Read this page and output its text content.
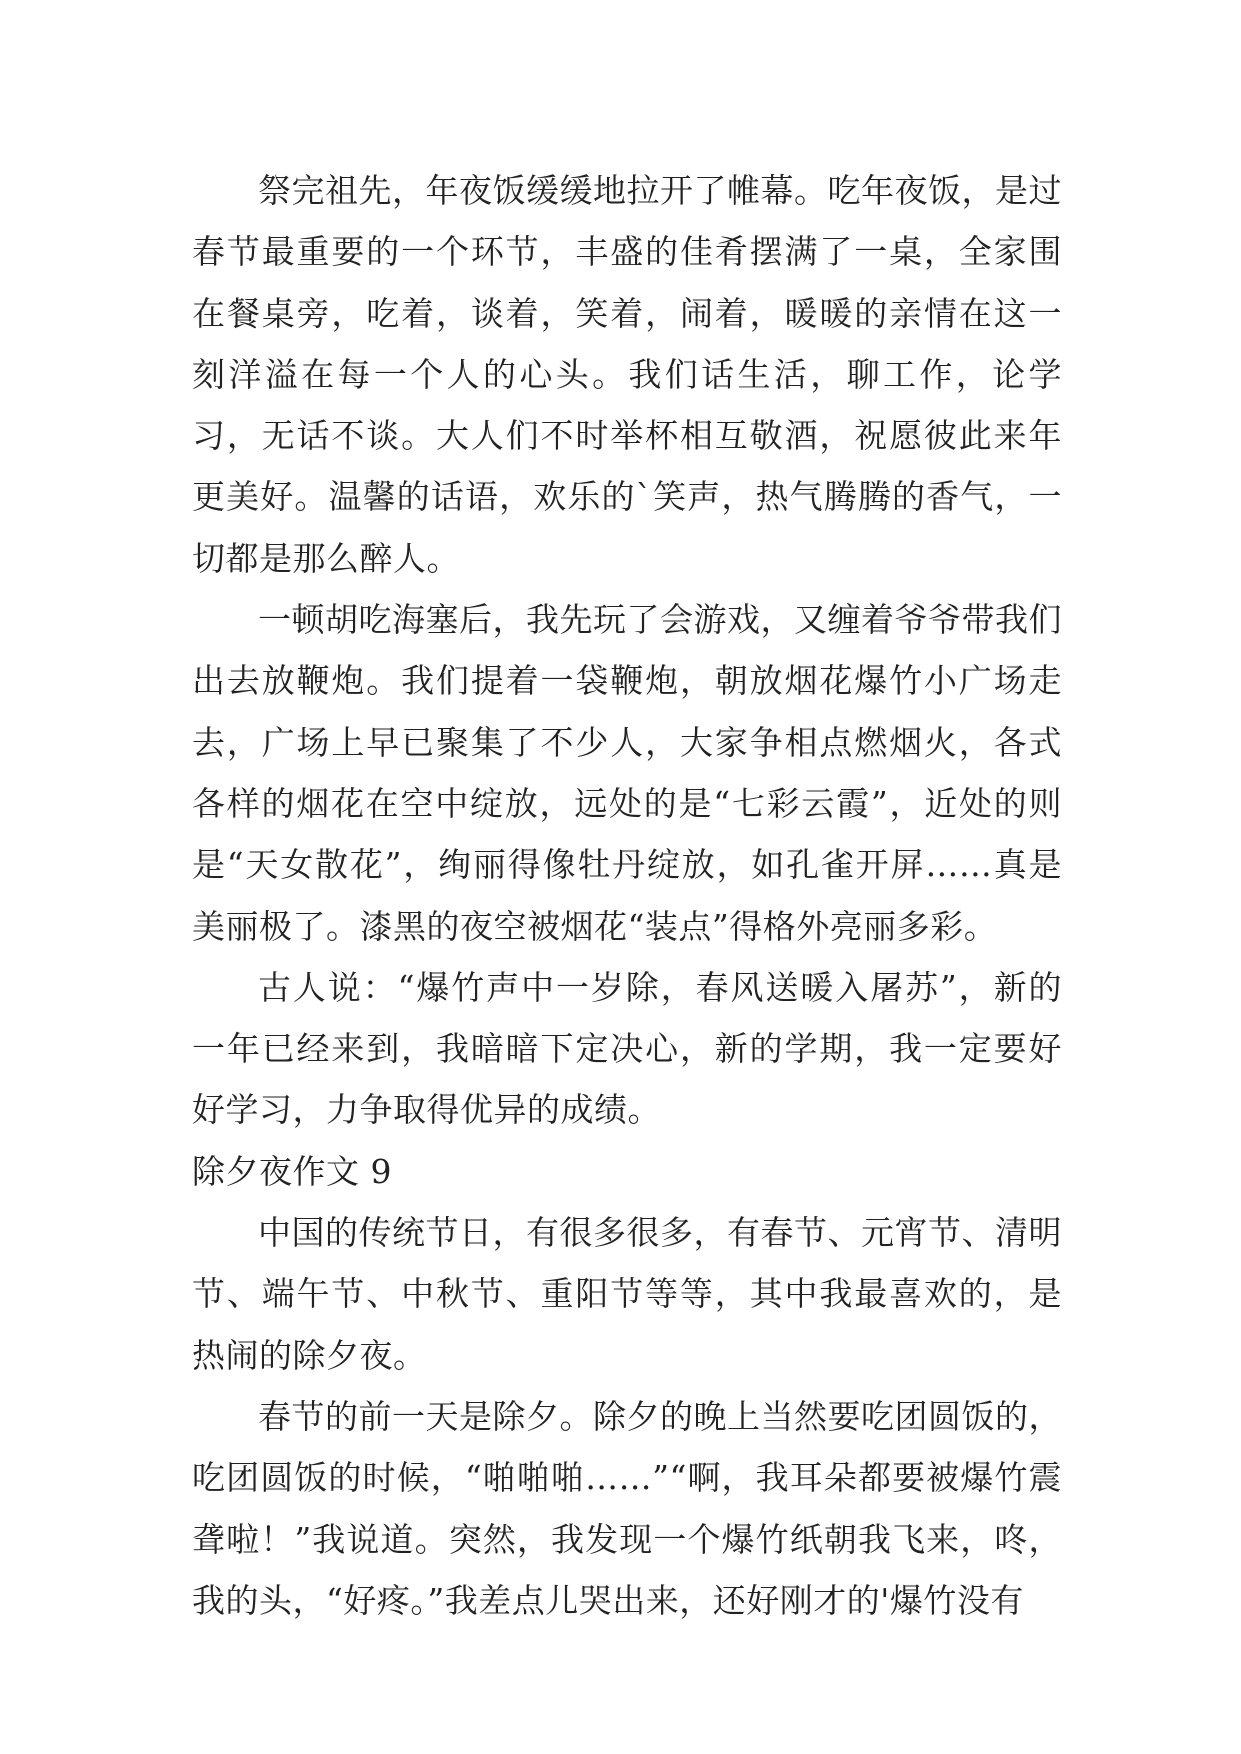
祭完祖先，年夜饭缓缓地拉开了帷幕。吃年夜饭，是过春节最重要的一个环节，丰盛的佳肴摆满了一桌，全家围在餐桌旁，吃着，谈着，笑着，闹着，暖暖的亲情在这一刻洋溢在每一个人的心头。我们话生活，聊工作，论学习，无话不谈。大人们不时举杯相互敬酒，祝愿彼此来年更美好。温馨的话语，欢乐的`笑声，热气腾腾的香气，一切都是那么醉人。

一顿胡吃海塞后，我先玩了会游戏，又缠着爷爷带我们出去放鞭炮。我们提着一袋鞭炮，朝放烟花爆竹小广场走去，广场上早已聚集了不少人，大家争相点燃烟火，各式各样的烟花在空中绽放，远处的是“七彩云霞”，近处的则是“天女散花”，绚丽得像牡丹绽放，如孔雀开屏……真是美丽极了。漆黑的夜空被烟花“装点”得格外亮丽多彩。

古人说：“爆竹声中一岁除，春风送暖入屠苏”，新的一年已经来到，我暗暗下定决心，新的学期，我一定要好好学习，力争取得优异的成绩。

除夕夜作文 9

中国的传统节日，有很多很多，有春节、元宵节、清明节、端午节、中秋节、重阳节等等，其中我最喜欢的，是热闹的除夕夜。

春节的前一天是除夕。除夕的晚上当然要吃团圆饭的，吃团圆饭的时候，“啪啪啪……”“啊，我耳朵都要被爆竹震聋啦！”我说道。突然，我发现一个爆竹纸朝我飞来，咚，我的头，“好疼。”我差点儿哭出来，还好刚才的'爆竹没有
